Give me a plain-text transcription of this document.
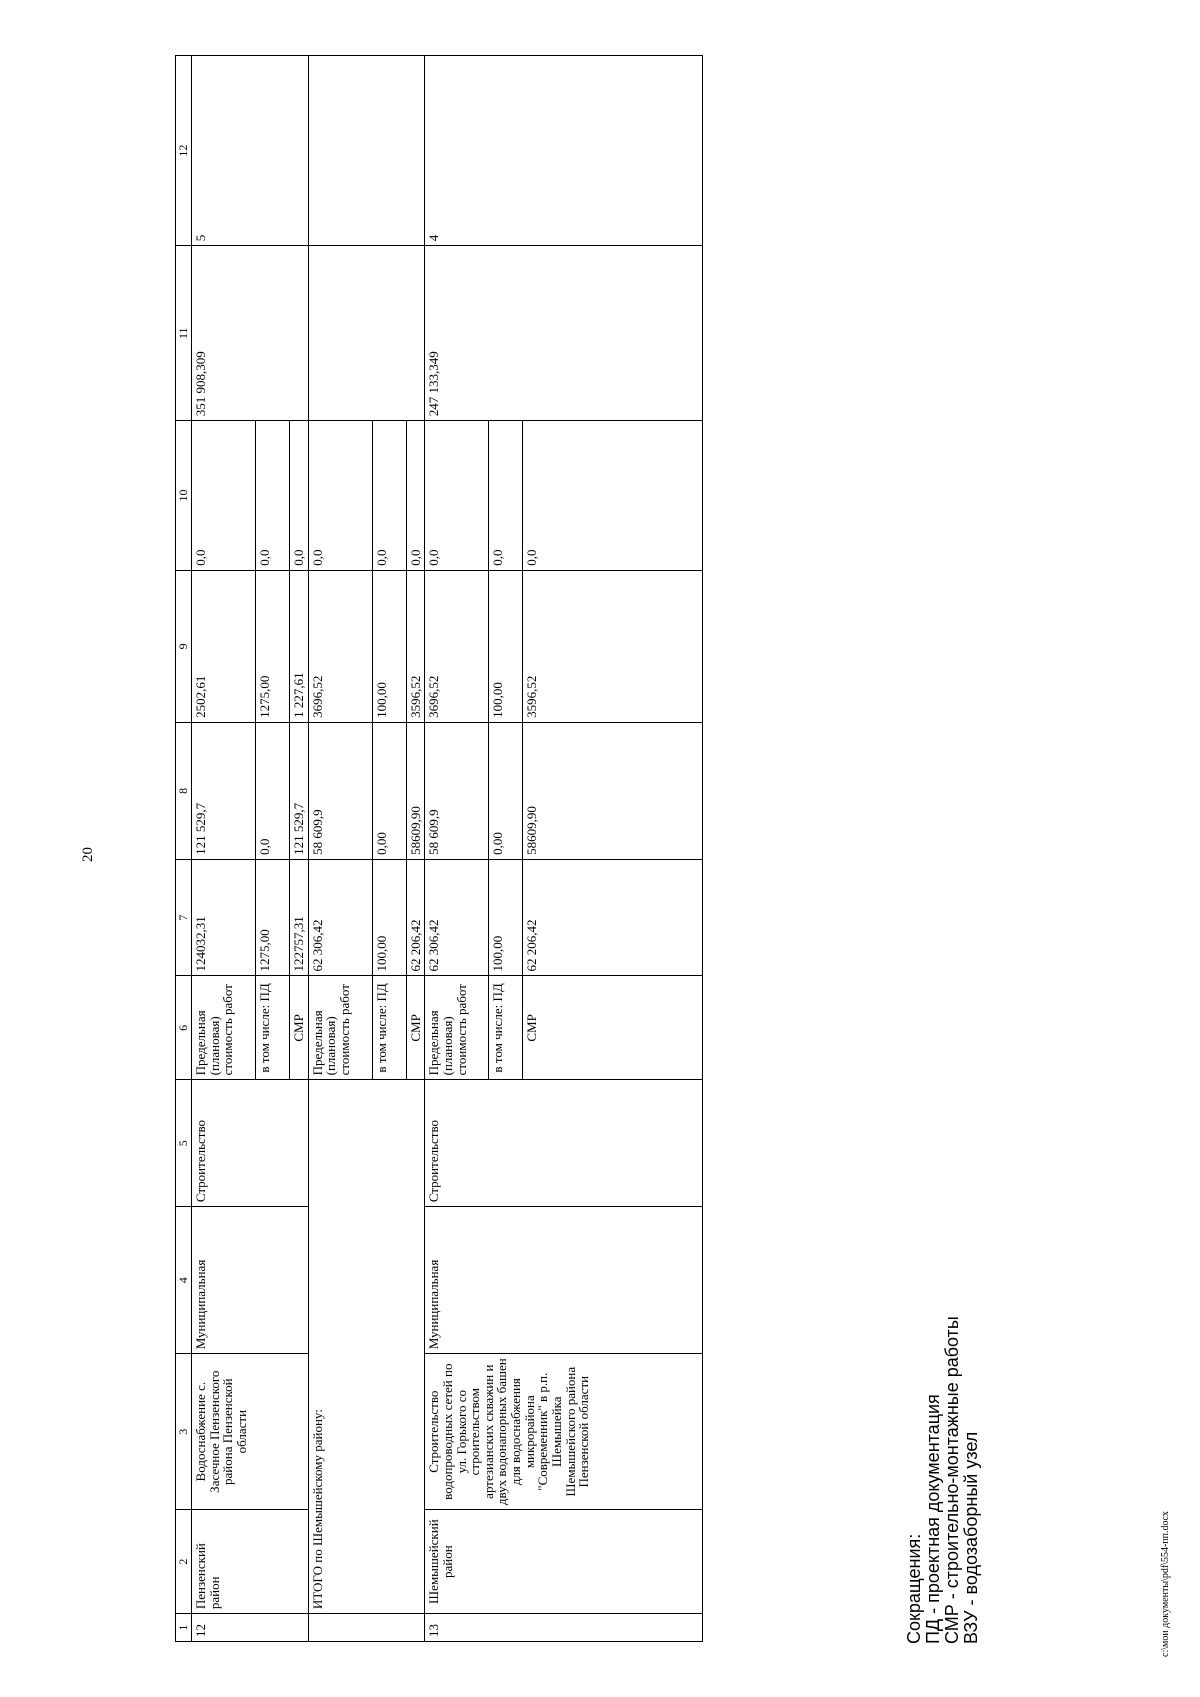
20
1	2	3	4	5	6	7	8	9	10	11	12
12	Пензенский район	Водоснабжение с. Засечное Пензенского района Пензенской области	Муниципальная	Строительство	Предельная (плановая) стоимость работ	124032,31	121 529,7	2502,61	0,0	351 908,309	5
					в том числе: ПД	1275,00	0,0	1275,00	0,0		
					СМР	122757,31	121 529,7	1 227,61	0,0		
	ИТОГО по Шемышейскому району:				Предельная (плановая) стоимость работ	62 306,42	58 609,9	3696,52	0,0		
					в том числе: ПД	100,00	0,00	100,00	0,0		
					СМР	62 206,42	58609,90	3596,52	0,0		
13	Шемышейский район	Строительство водопроводных сетей по ул. Горького со строительством артезианских скважин и двух водонапорных башен для водоснабжения микрорайона "Современник" в р.п. Шемышейка Шемышейского района Пензенской области	Муниципальная	Строительство	Предельная (плановая) стоимость работ	62 306,42	58 609,9	3696,52	0,0	247 133,349	4
					в том числе: ПД	100,00	0,00	100,00	0,0		
					СМР	62 206,42	58609,90	3596,52	0,0		
Сокращения: ПД - проектная документация СМР - строительно-монтажные работы ВЗУ - водозаборный узел	c:\мои документы\pdf\554-пп.docx
